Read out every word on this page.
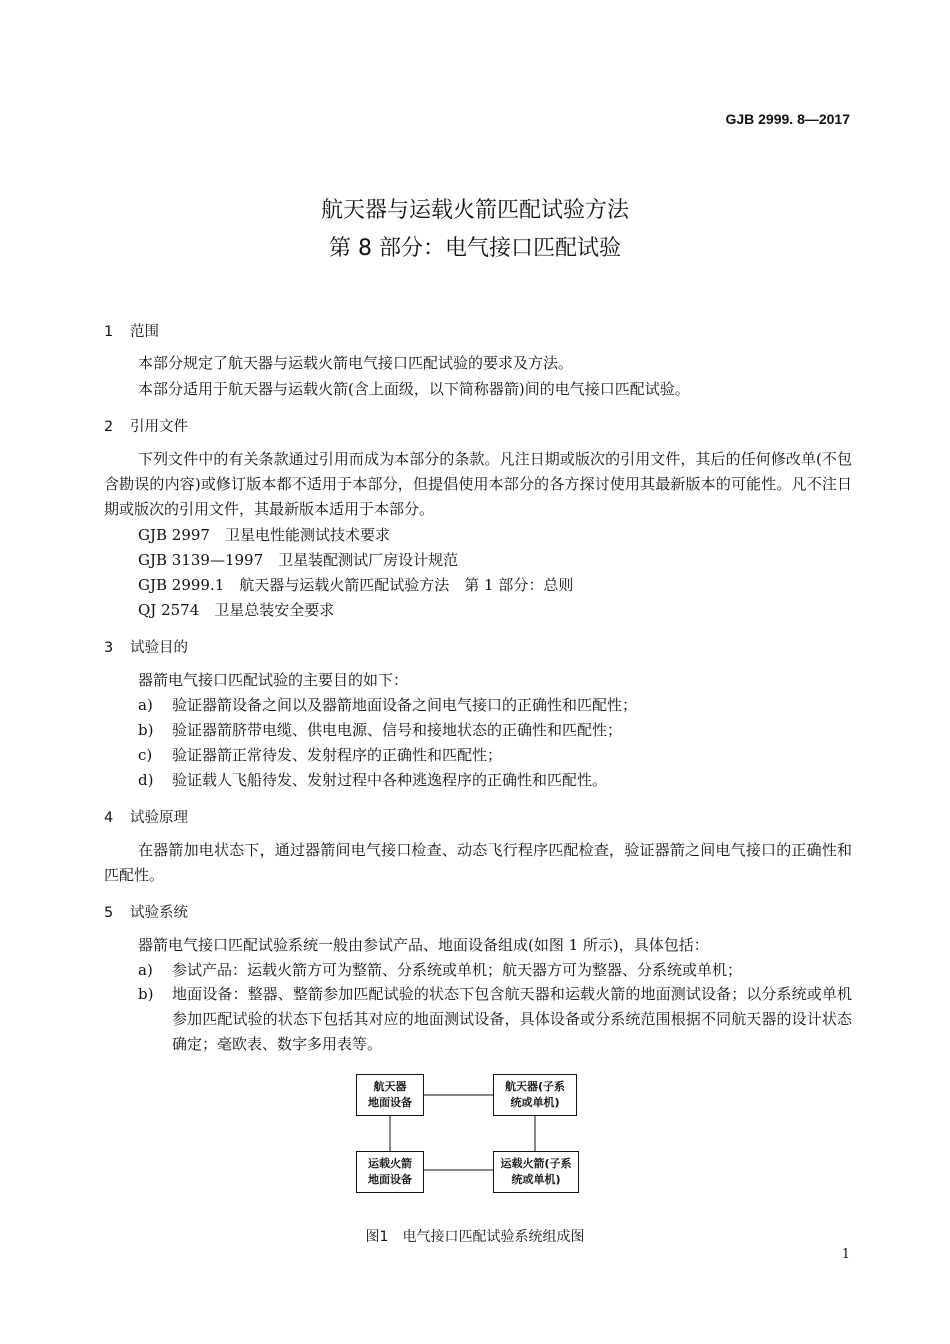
GJB 2999. 8—2017
航天器与运载火箭匹配试验方法
第 8 部分：电气接口匹配试验
1 范围
本部分规定了航天器与运载火箭电气接口匹配试验的要求及方法。
本部分适用于航天器与运载火箭(含上面级，以下简称器箭)间的电气接口匹配试验。
2 引用文件
下列文件中的有关条款通过引用而成为本部分的条款。凡注日期或版次的引用文件，其后的任何修改单(不包含勘误的内容)或修订版本都不适用于本部分，但提倡使用本部分的各方探讨使用其最新版本的可能性。凡不注日期或版次的引用文件，其最新版本适用于本部分。
GJB 2997　卫星电性能测试技术要求
GJB 3139—1997　卫星装配测试厂房设计规范
GJB 2999.1　航天器与运载火箭匹配试验方法　第 1 部分：总则
QJ 2574　卫星总装安全要求
3 试验目的
器箭电气接口匹配试验的主要目的如下：
a) 验证器箭设备之间以及器箭地面设备之间电气接口的正确性和匹配性；
b) 验证器箭脐带电缆、供电电源、信号和接地状态的正确性和匹配性；
c) 验证器箭正常待发、发射程序的正确性和匹配性；
d) 验证载人飞船待发、发射过程中各种逃逸程序的正确性和匹配性。
4 试验原理
在器箭加电状态下，通过器箭间电气接口检查、动态飞行程序匹配检查，验证器箭之间电气接口的正确性和匹配性。
5 试验系统
器箭电气接口匹配试验系统一般由参试产品、地面设备组成(如图 1 所示)，具体包括：
a) 参试产品：运载火箭方可为整箭、分系统或单机；航天器方可为整器、分系统或单机；
b) 地面设备：整器、整箭参加匹配试验的状态下包含航天器和运载火箭的地面测试设备；以分系统或单机参加匹配试验的状态下包括其对应的地面测试设备，具体设备或分系统范围根据不同航天器的设计状态确定；毫欧表、数字多用表等。
航天器
地面设备
航天器(子系
统或单机)
运载火箭
地面设备
运载火箭(子系
统或单机)
图1　电气接口匹配试验系统组成图
1
